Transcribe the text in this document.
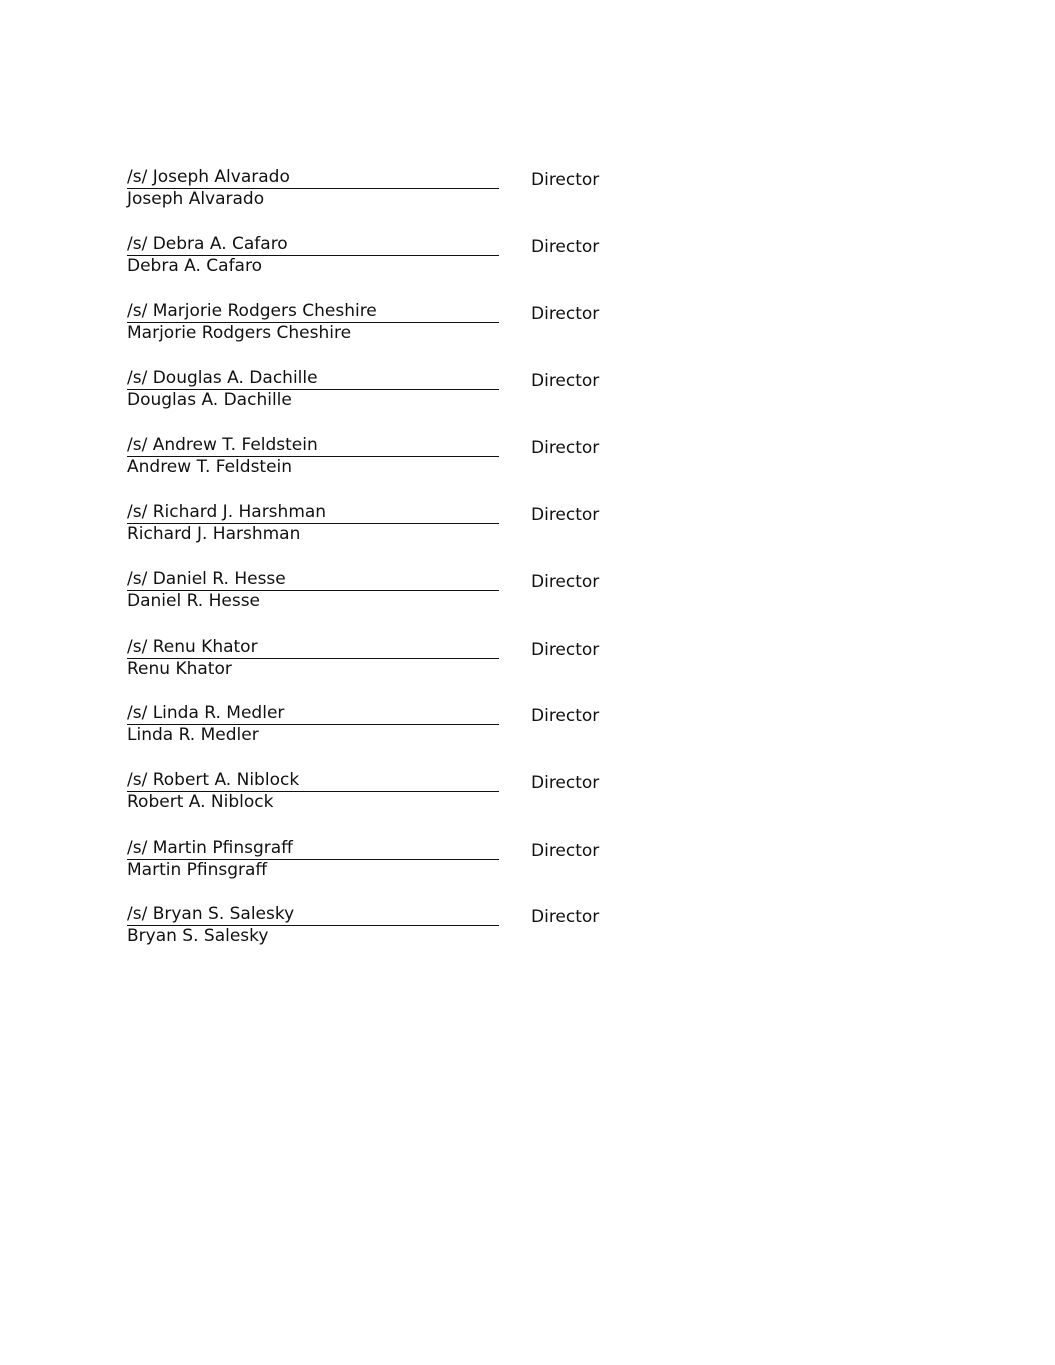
/s/ Joseph Alvarado
Joseph Alvarado
Director
/s/ Debra A. Cafaro
Debra A. Cafaro
Director
/s/ Marjorie Rodgers Cheshire
Marjorie Rodgers Cheshire
Director
/s/ Douglas A. Dachille
Douglas A. Dachille
Director
/s/ Andrew T. Feldstein
Andrew T. Feldstein
Director
/s/ Richard J. Harshman
Richard J. Harshman
Director
/s/ Daniel R. Hesse
Daniel R. Hesse
Director
/s/ Renu Khator
Renu Khator
Director
/s/ Linda R. Medler
Linda R. Medler
Director
/s/ Robert A. Niblock
Robert A. Niblock
Director
/s/ Martin Pfinsgraff
Martin Pfinsgraff
Director
/s/ Bryan S. Salesky
Bryan S. Salesky
Director
